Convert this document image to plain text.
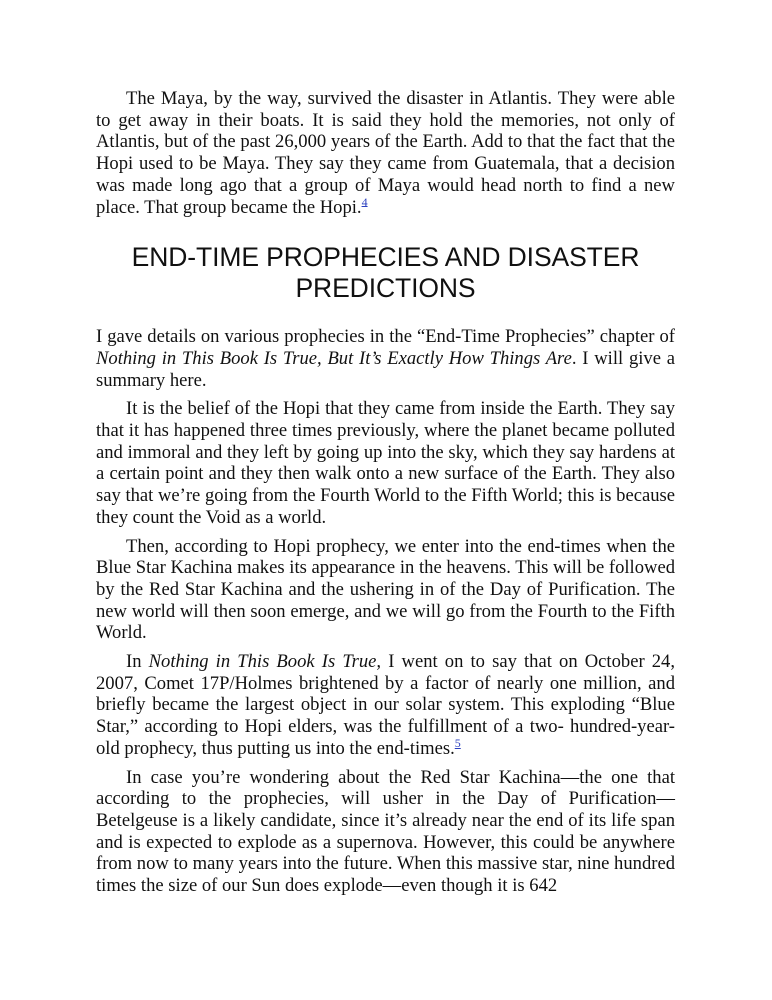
The Maya, by the way, survived the disaster in Atlantis. They were able to get away in their boats. It is said they hold the memories, not only of Atlantis, but of the past 26,000 years of the Earth. Add to that the fact that the Hopi used to be Maya. They say they came from Guatemala, that a decision was made long ago that a group of Maya would head north to find a new place. That group became the Hopi.$^4$

END-TIME PROPHECIES AND DISASTER
PREDICTIONS

I gave details on various prophecies in the “End-Time Prophecies” chapter of Nothing in This Book Is True, But It’s Exactly How Things Are. I will give a summary here.

It is the belief of the Hopi that they came from inside the Earth. They say that it has happened three times previously, where the planet became polluted and immoral and they left by going up into the sky, which they say hardens at a certain point and they then walk onto a new surface of the Earth. They also say that we’re going from the Fourth World to the Fifth World; this is because they count the Void as a world.

Then, according to Hopi prophecy, we enter into the end-times when the Blue Star Kachina makes its appearance in the heavens. This will be followed by the Red Star Kachina and the ushering in of the Day of Purification. The new world will then soon emerge, and we will go from the Fourth to the Fifth World.

In Nothing in This Book Is True, I went on to say that on October 24, 2007, Comet 17P/Holmes brightened by a factor of nearly one million, and briefly became the largest object in our solar system. This exploding “Blue Star,” according to Hopi elders, was the fulfillment of a two- hundred-year-old prophecy, thus putting us into the end-times.$^5$

In case you’re wondering about the Red Star Kachina—the one that according to the prophecies, will usher in the Day of Purification—Betelgeuse is a likely candidate, since it’s already near the end of its life span and is expected to explode as a supernova. However, this could be anywhere from now to many years into the future. When this massive star, nine hundred times the size of our Sun does explode—even though it is 642
